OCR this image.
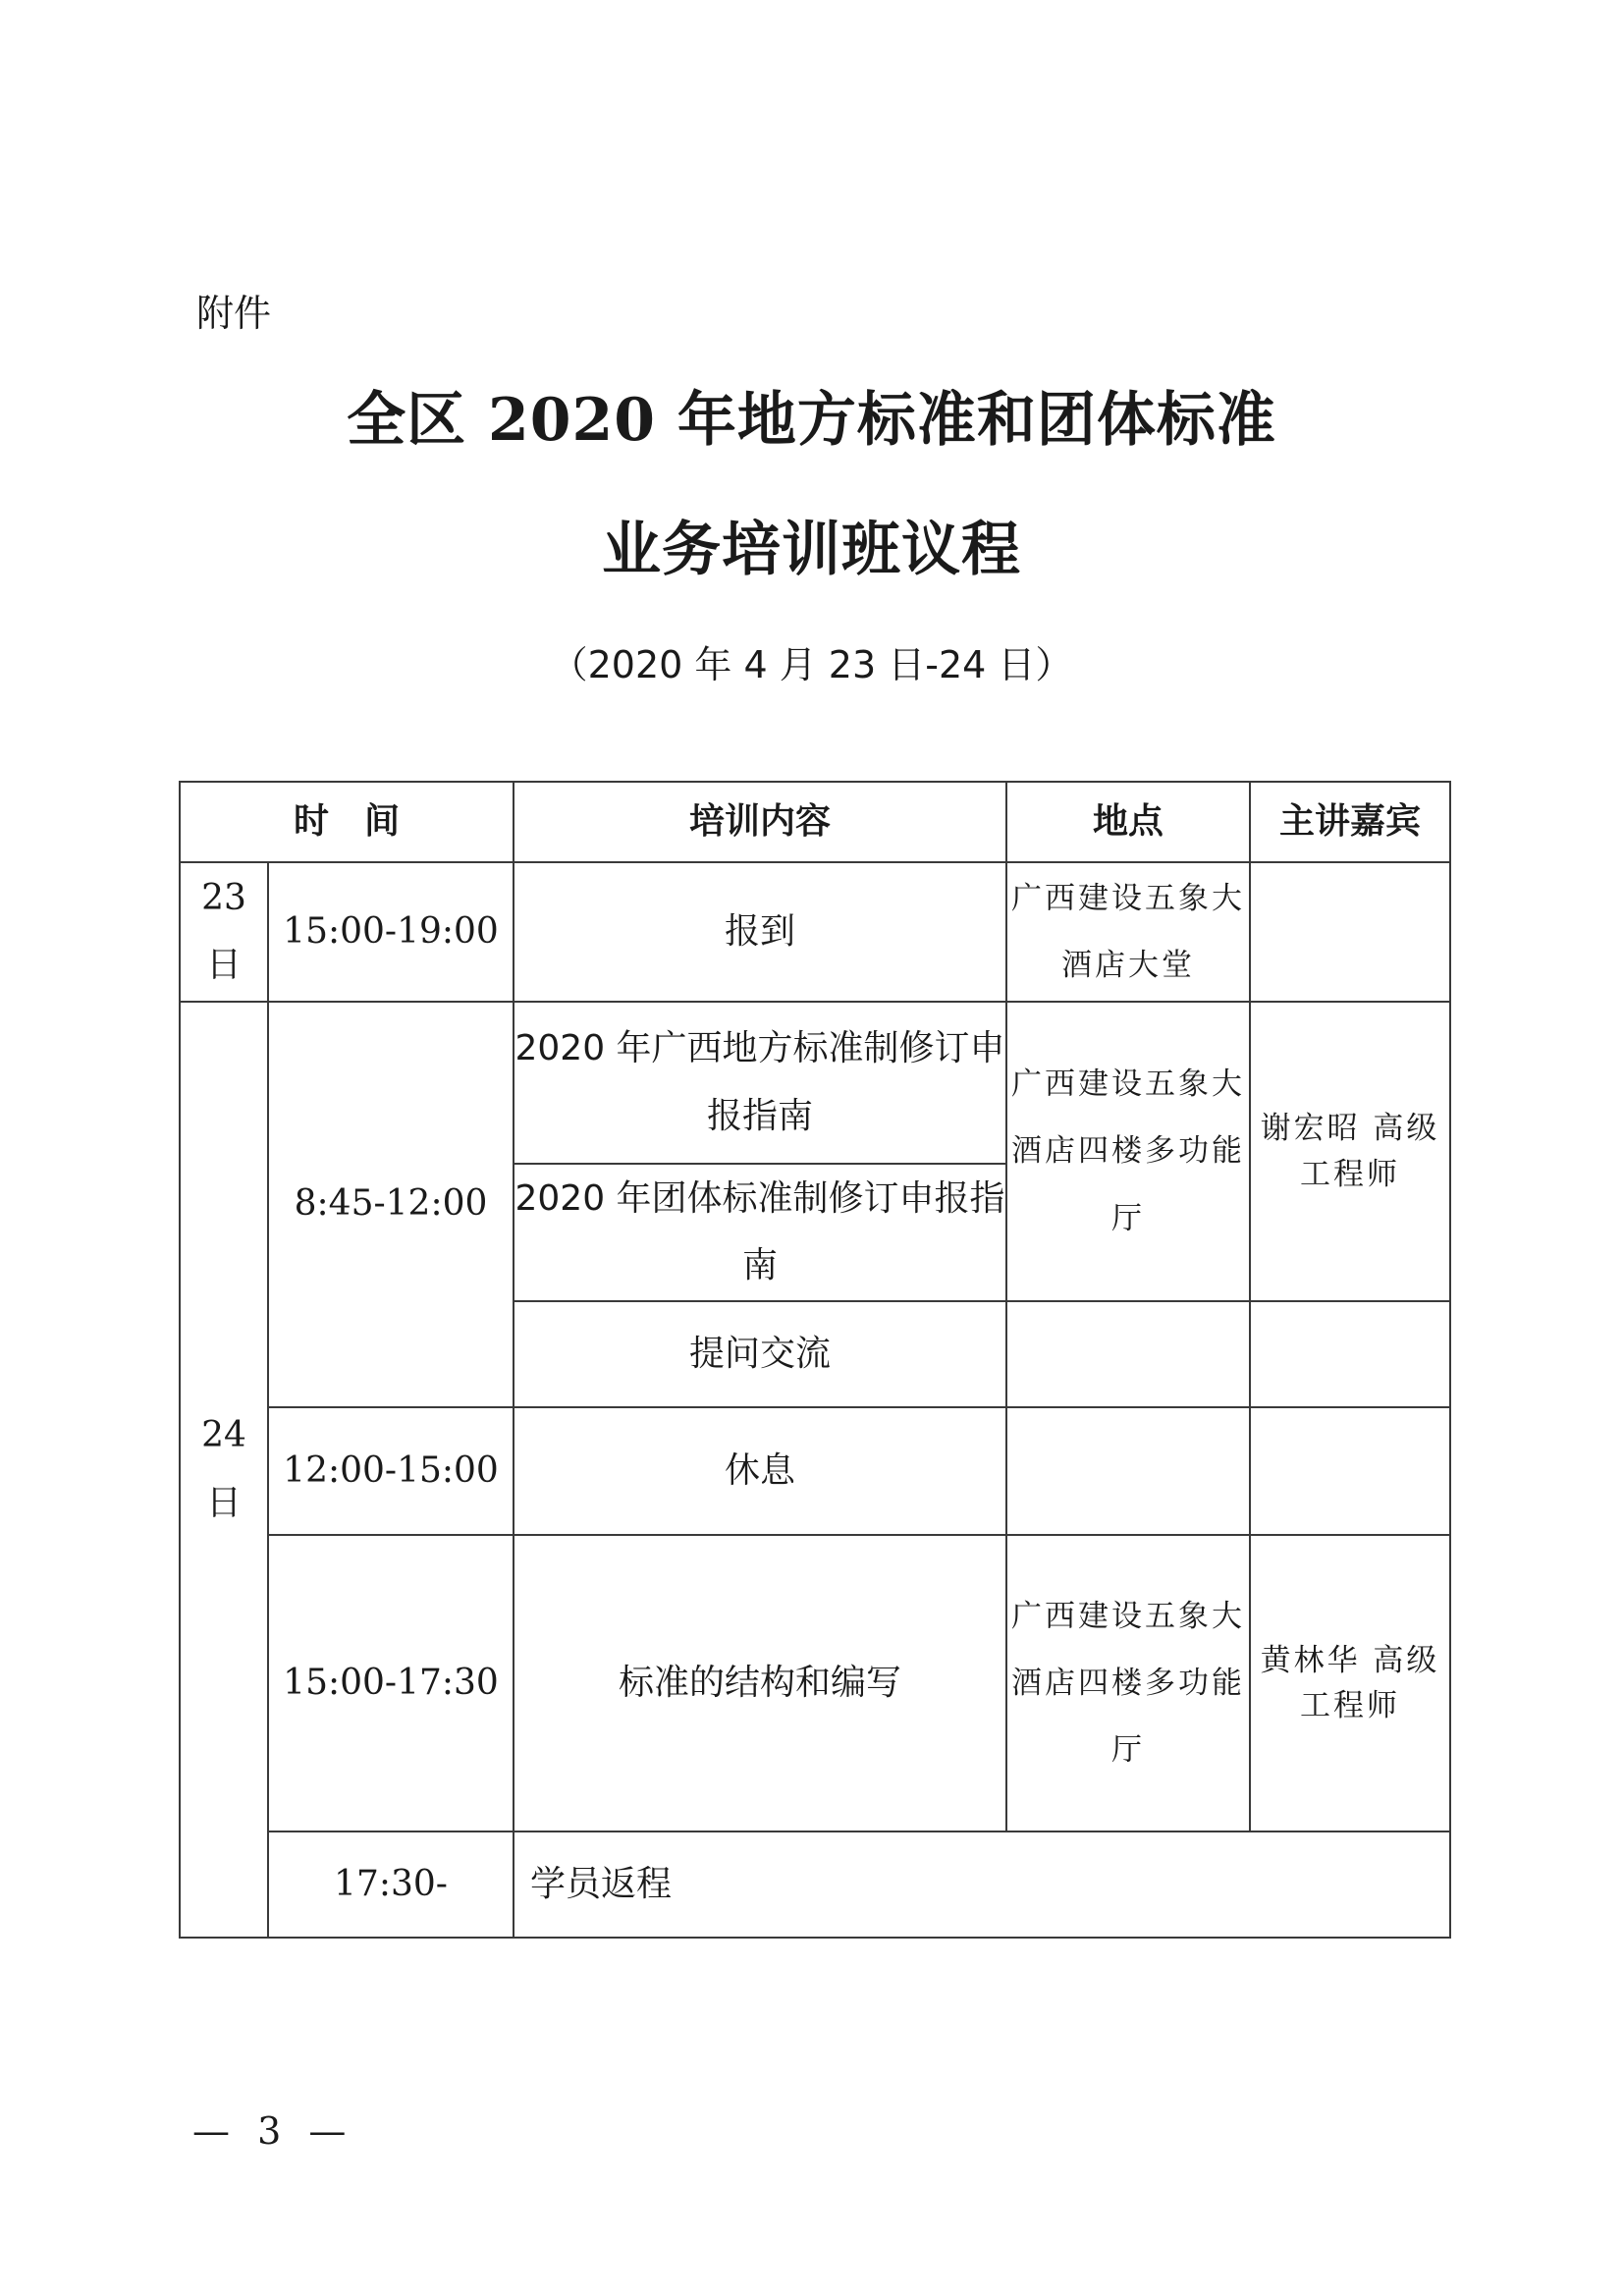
附件
全区 2020 年地方标准和团体标准
业务培训班议程
（2020 年 4 月 23 日-24 日）
时　间		培训内容	地点	主讲嘉宾
23 日	15:00-19:00	报到	广西建设五象大酒店大堂	
24 日	8:45-12:00	2020 年广西地方标准制修订申报指南	广西建设五象大酒店四楼多功能厅	谢宏昭 高级工程师
		2020 年团体标准制修订申报指南		
		提问交流		
	12:00-15:00	休息		
	15:00-17:30	标准的结构和编写	广西建设五象大酒店四楼多功能厅	黄林华 高级工程师
	17:30-	学员返程		
— 3 —
